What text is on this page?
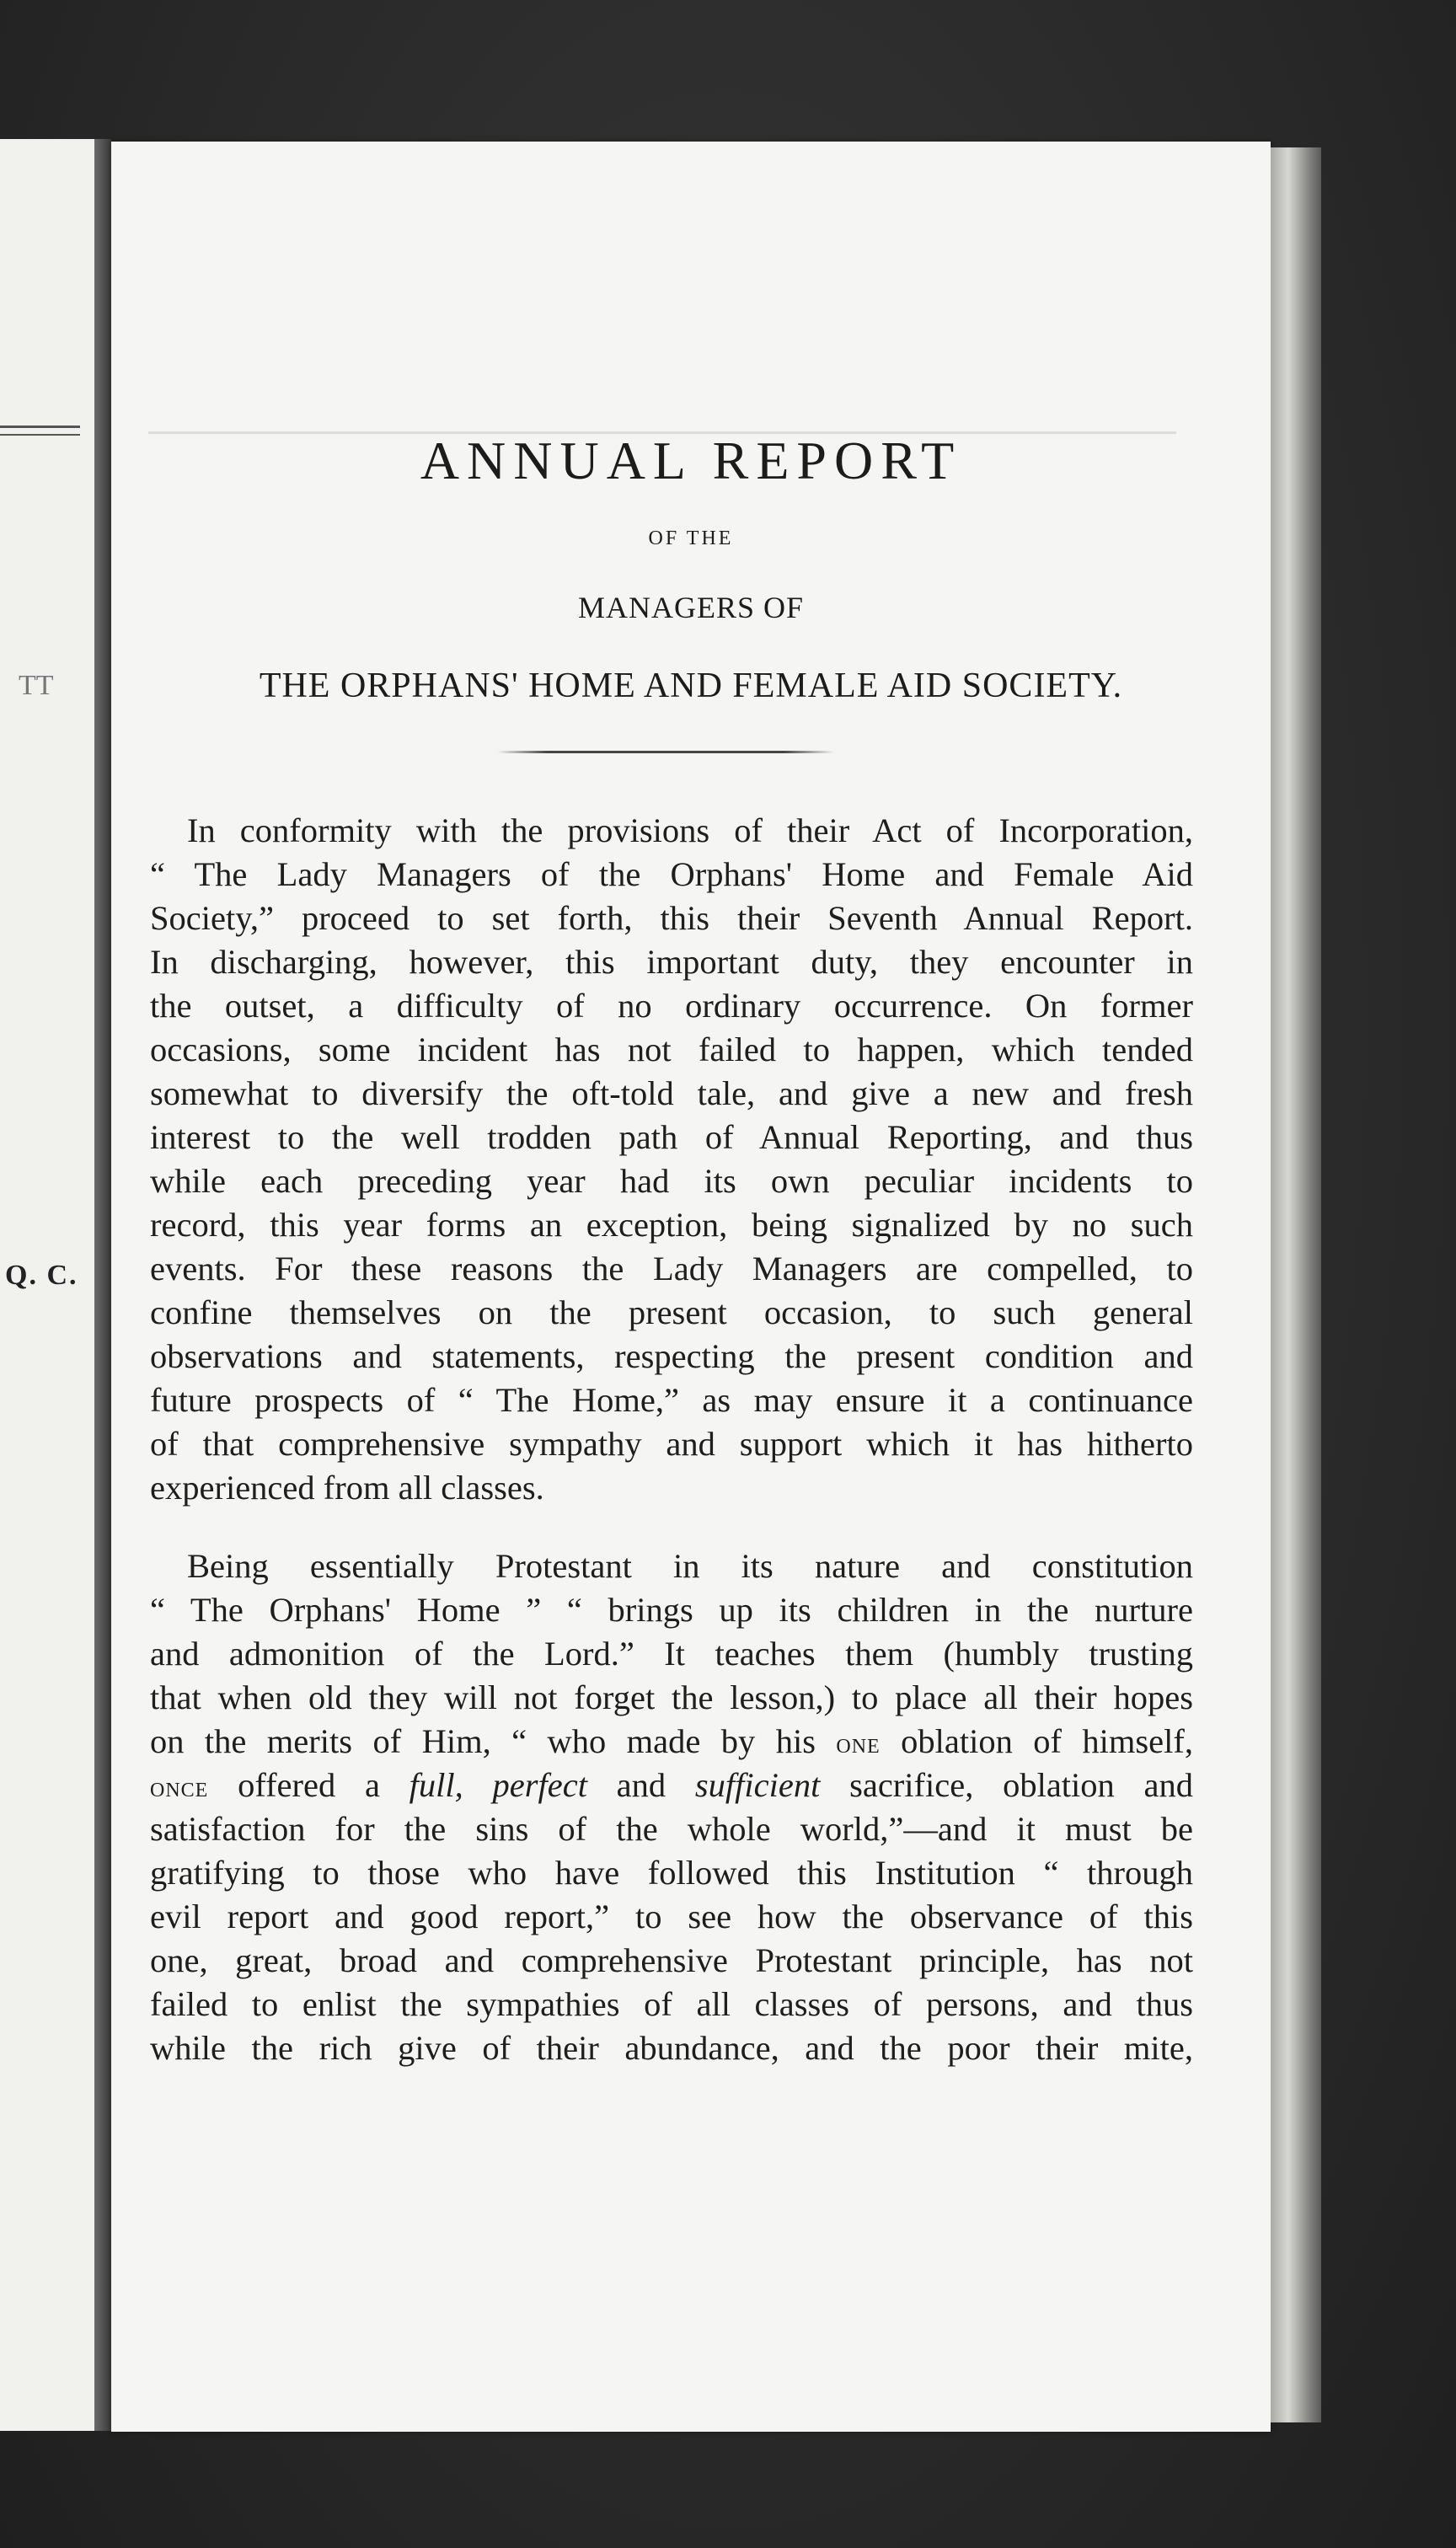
TT
Q. C.
ANNUAL REPORT
OF THE
MANAGERS OF
THE ORPHANS' HOME AND FEMALE AID SOCIETY.
In conformity with the provisions of their Act of Incorporation,
“ The Lady Managers of the Orphans' Home and Female Aid
Society,” proceed to set forth, this their Seventh Annual Report.
In discharging, however, this important duty, they encounter in
the outset, a difficulty of no ordinary occurrence. On former
occasions, some incident has not failed to happen, which tended
somewhat to diversify the oft-told tale, and give a new and fresh
interest to the well trodden path of Annual Reporting, and thus
while each preceding year had its own peculiar incidents to
record, this year forms an exception, being signalized by no such
events. For these reasons the Lady Managers are compelled, to
confine themselves on the present occasion, to such general
observations and statements, respecting the present condition and
future prospects of “ The Home,” as may ensure it a continuance
of that comprehensive sympathy and support which it has hitherto
experienced from all classes.
Being essentially Protestant in its nature and constitution
“ The Orphans' Home ” “ brings up its children in the nurture
and admonition of the Lord.” It teaches them (humbly trusting
that when old they will not forget the lesson,) to place all their hopes
on the merits of Him, “ who made by his one oblation of himself,
once offered a full, perfect and sufficient sacrifice, oblation and
satisfaction for the sins of the whole world,”—and it must be
gratifying to those who have followed this Institution “ through
evil report and good report,” to see how the observance of this
one, great, broad and comprehensive Protestant principle, has not
failed to enlist the sympathies of all classes of persons, and thus
while the rich give of their abundance, and the poor their mite,
